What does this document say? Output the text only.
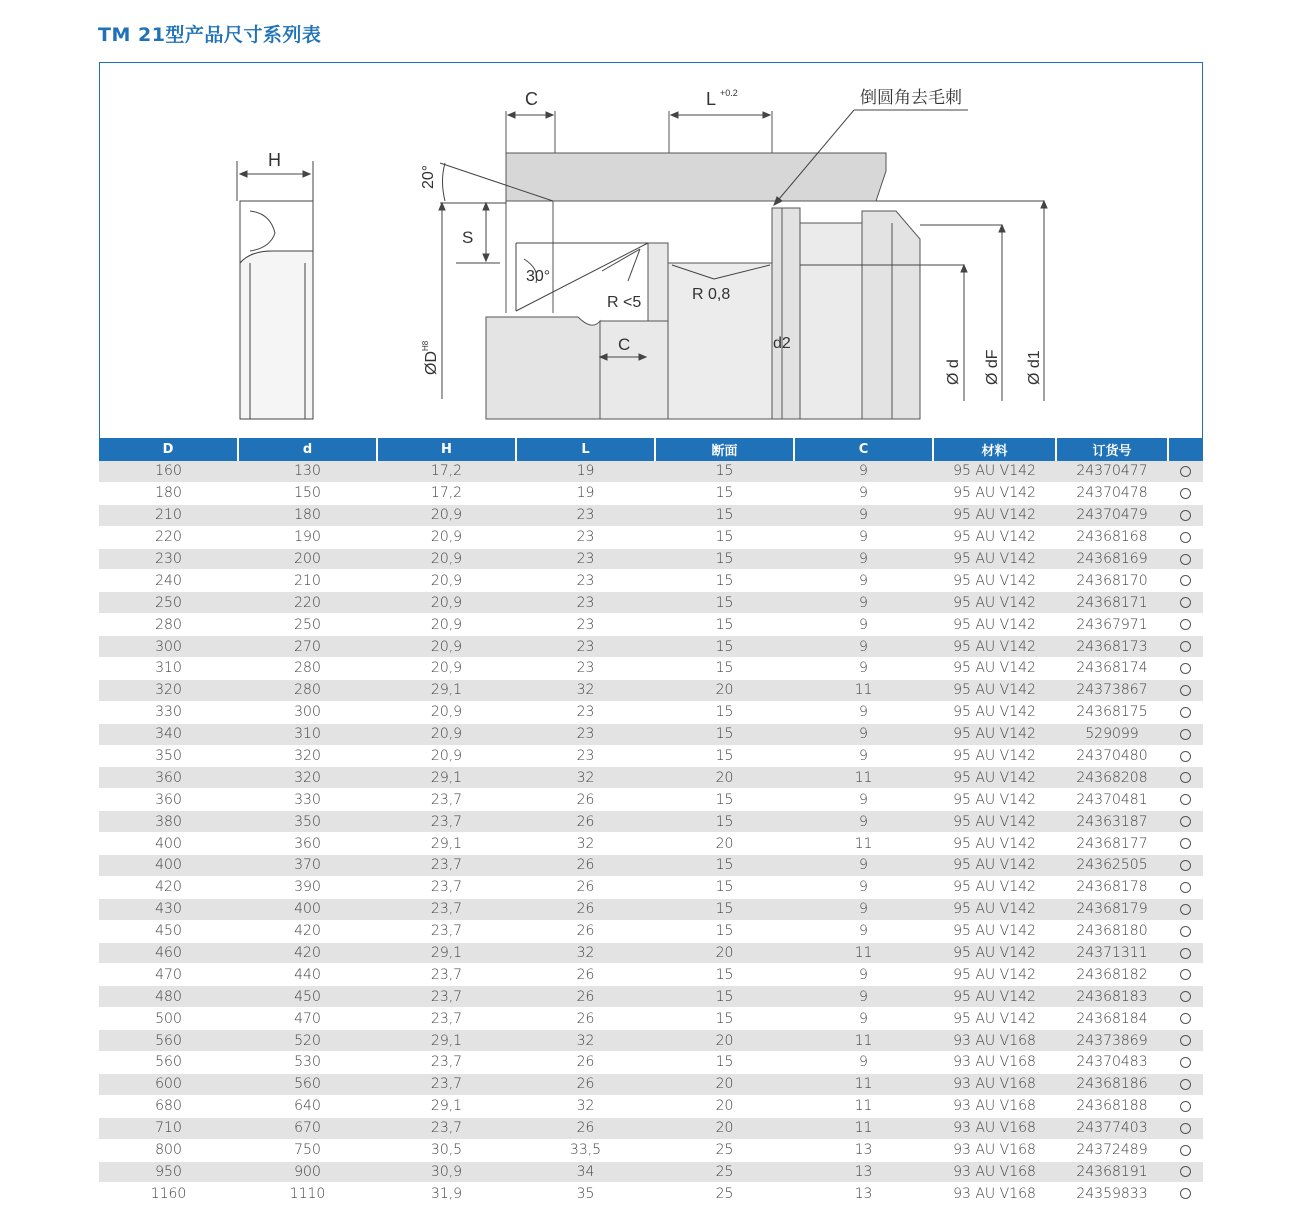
TM 21型产品尺寸系列表
H
C	L +0.2	倒圆角去毛刺
20°
S
30°
R <5	R 0,8
C	d2
ØD
H8
Ø d Ø dF Ø d1
D	d	H	L	断面	C	材料	订货号	
160	130	17,2	19	15	9	95 AU V142	24370477	
180	150	17,2	19	15	9	95 AU V142	24370478	
210	180	20,9	23	15	9	95 AU V142	24370479	
220	190	20,9	23	15	9	95 AU V142	24368168	
230	200	20,9	23	15	9	95 AU V142	24368169	
240	210	20,9	23	15	9	95 AU V142	24368170	
250	220	20,9	23	15	9	95 AU V142	24368171	
280	250	20,9	23	15	9	95 AU V142	24367971	
300	270	20,9	23	15	9	95 AU V142	24368173	
310	280	20,9	23	15	9	95 AU V142	24368174	
320	280	29,1	32	20	11	95 AU V142	24373867	
330	300	20,9	23	15	9	95 AU V142	24368175	
340	310	20,9	23	15	9	95 AU V142	529099	
350	320	20,9	23	15	9	95 AU V142	24370480	
360	320	29,1	32	20	11	95 AU V142	24368208	
360	330	23,7	26	15	9	95 AU V142	24370481	
380	350	23,7	26	15	9	95 AU V142	24363187	
400	360	29,1	32	20	11	95 AU V142	24368177	
400	370	23,7	26	15	9	95 AU V142	24362505	
420	390	23,7	26	15	9	95 AU V142	24368178	
430	400	23,7	26	15	9	95 AU V142	24368179	
450	420	23,7	26	15	9	95 AU V142	24368180	
460	420	29,1	32	20	11	95 AU V142	24371311	
470	440	23,7	26	15	9	95 AU V142	24368182	
480	450	23,7	26	15	9	95 AU V142	24368183	
500	470	23,7	26	15	9	95 AU V142	24368184	
560	520	29,1	32	20	11	93 AU V168	24373869	
560	530	23,7	26	15	9	93 AU V168	24370483	
600	560	23,7	26	20	11	93 AU V168	24368186	
680	640	29,1	32	20	11	93 AU V168	24368188	
710	670	23,7	26	20	11	93 AU V168	24377403	
800	750	30,5	33,5	25	13	93 AU V168	24372489	
950	900	30,9	34	25	13	93 AU V168	24368191	
1160	1110	31,9	35	25	13	93 AU V168	24359833	
